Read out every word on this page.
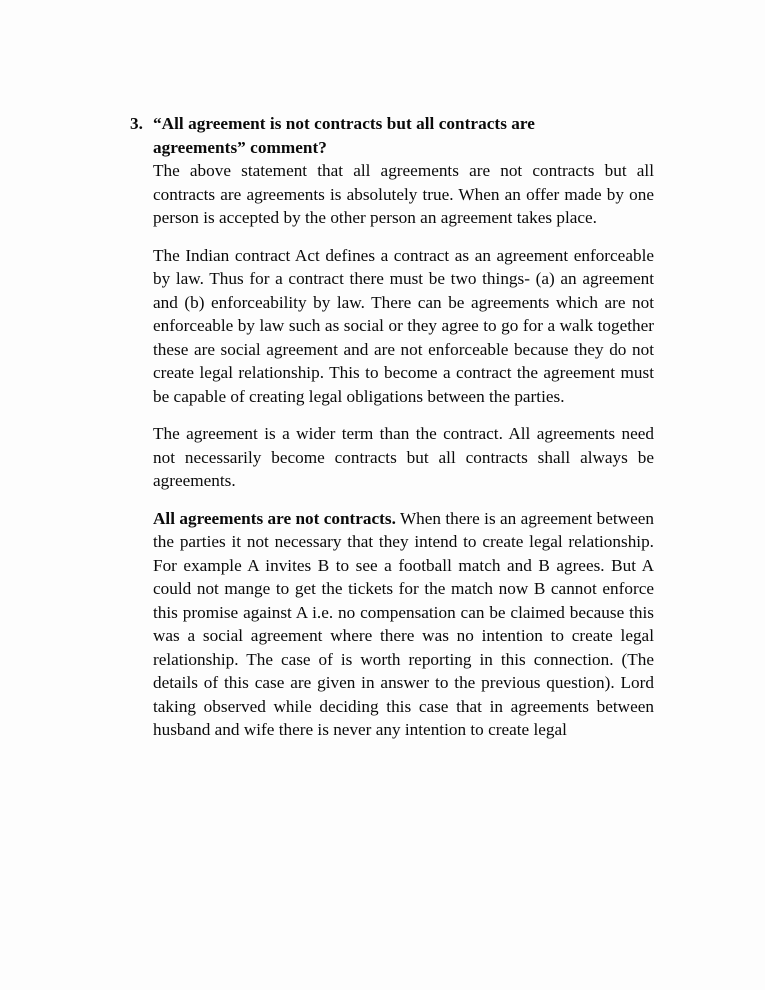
3. “All agreement is not contracts but all contracts are agreements” comment?

The above statement that all agreements are not contracts but all contracts are agreements is absolutely true. When an offer made by one person is accepted by the other person an agreement takes place.

The Indian contract Act defines a contract as an agreement enforceable by law. Thus for a contract there must be two things- (a) an agreement and (b) enforceability by law. There can be agreements which are not enforceable by law such as social or they agree to go for a walk together these are social agreement and are not enforceable because they do not create legal relationship. This to become a contract the agreement must be capable of creating legal obligations between the parties.

The agreement is a wider term than the contract. All agreements need not necessarily become contracts but all contracts shall always be agreements.

All agreements are not contracts. When there is an agreement between the parties it not necessary that they intend to create legal relationship. For example A invites B to see a football match and B agrees. But A could not mange to get the tickets for the match now B cannot enforce this promise against A i.e. no compensation can be claimed because this was a social agreement where there was no intention to create legal relationship. The case of is worth reporting in this connection. (The details of this case are given in answer to the previous question). Lord taking observed while deciding this case that in agreements between husband and wife there is never any intention to create legal
